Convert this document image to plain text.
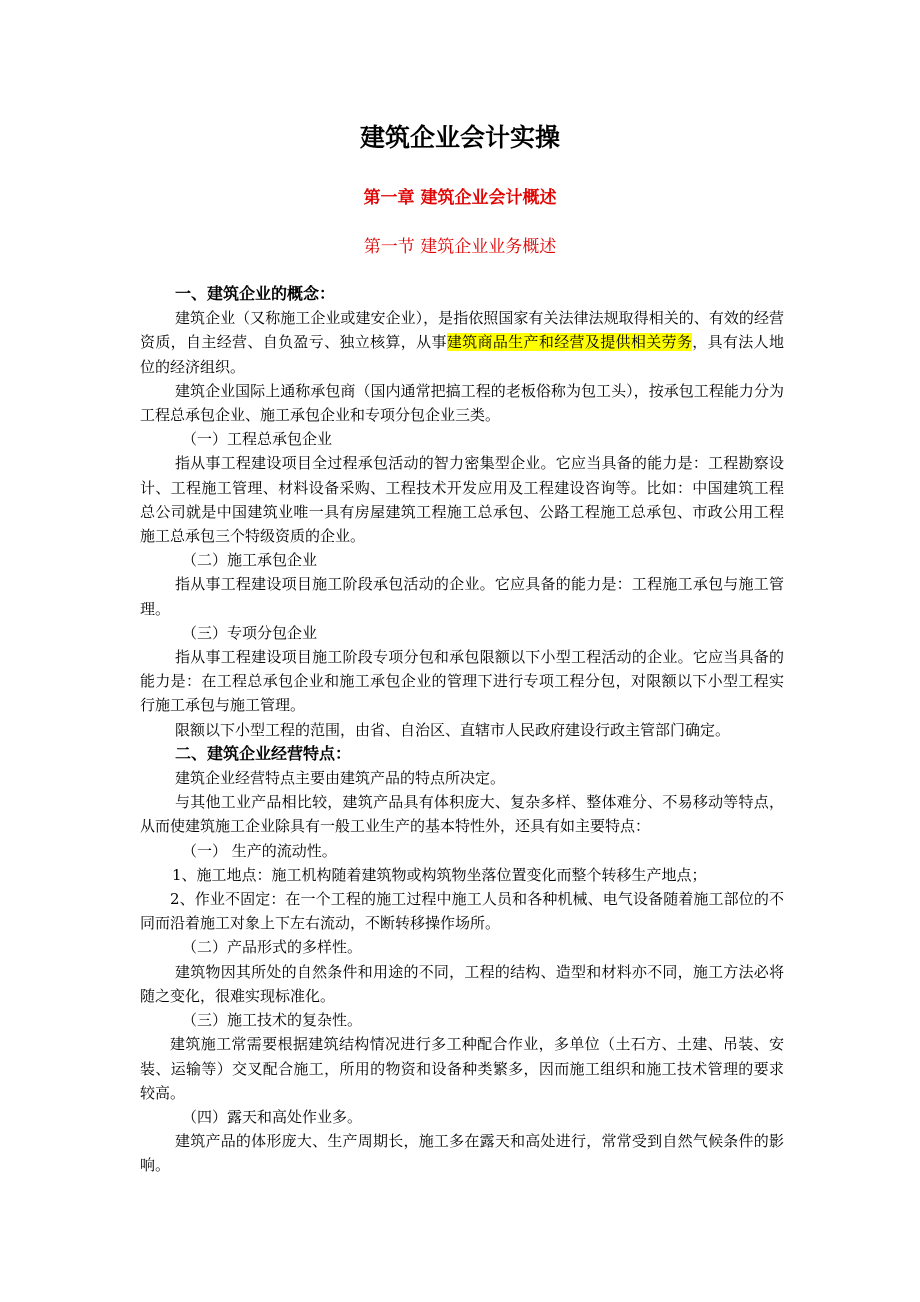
建筑企业会计实操
第一章 建筑企业会计概述
第一节 建筑企业业务概述

一、建筑企业的概念：

建筑企业（又称施工企业或建安企业），是指依照国家有关法律法规取得相关的、有效的经营资质，自主经营、自负盈亏、独立核算，从事建筑商品生产和经营及提供相关劳务，具有法人地位的经济组织。

建筑企业国际上通称承包商（国内通常把搞工程的老板俗称为包工头），按承包工程能力分为工程总承包企业、施工承包企业和专项分包企业三类。

（一）工程总承包企业

指从事工程建设项目全过程承包活动的智力密集型企业。它应当具备的能力是：工程勘察设计、工程施工管理、材料设备采购、工程技术开发应用及工程建设咨询等。比如：中国建筑工程总公司就是中国建筑业唯一具有房屋建筑工程施工总承包、公路工程施工总承包、市政公用工程施工总承包三个特级资质的企业。

（二）施工承包企业

指从事工程建设项目施工阶段承包活动的企业。它应具备的能力是：工程施工承包与施工管理。

（三）专项分包企业

指从事工程建设项目施工阶段专项分包和承包限额以下小型工程活动的企业。它应当具备的能力是：在工程总承包企业和施工承包企业的管理下进行专项工程分包，对限额以下小型工程实行施工承包与施工管理。

限额以下小型工程的范围，由省、自治区、直辖市人民政府建设行政主管部门确定。

二、建筑企业经营特点：

建筑企业经营特点主要由建筑产品的特点所决定。

与其他工业产品相比较，建筑产品具有体积庞大、复杂多样、整体难分、不易移动等特点，从而使建筑施工企业除具有一般工业生产的基本特性外，还具有如主要特点：

（一） 生产的流动性。

1、施工地点：施工机构随着建筑物或构筑物坐落位置变化而整个转移生产地点；

2、作业不固定：在一个工程的施工过程中施工人员和各种机械、电气设备随着施工部位的不同而沿着施工对象上下左右流动，不断转移操作场所。

（二）产品形式的多样性。

建筑物因其所处的自然条件和用途的不同，工程的结构、造型和材料亦不同，施工方法必将随之变化，很难实现标准化。

（三）施工技术的复杂性。

建筑施工常需要根据建筑结构情况进行多工种配合作业，多单位（土石方、土建、吊装、安装、运输等）交叉配合施工，所用的物资和设备种类繁多，因而施工组织和施工技术管理的要求较高。

（四）露天和高处作业多。

建筑产品的体形庞大、生产周期长，施工多在露天和高处进行，常常受到自然气候条件的影响。
